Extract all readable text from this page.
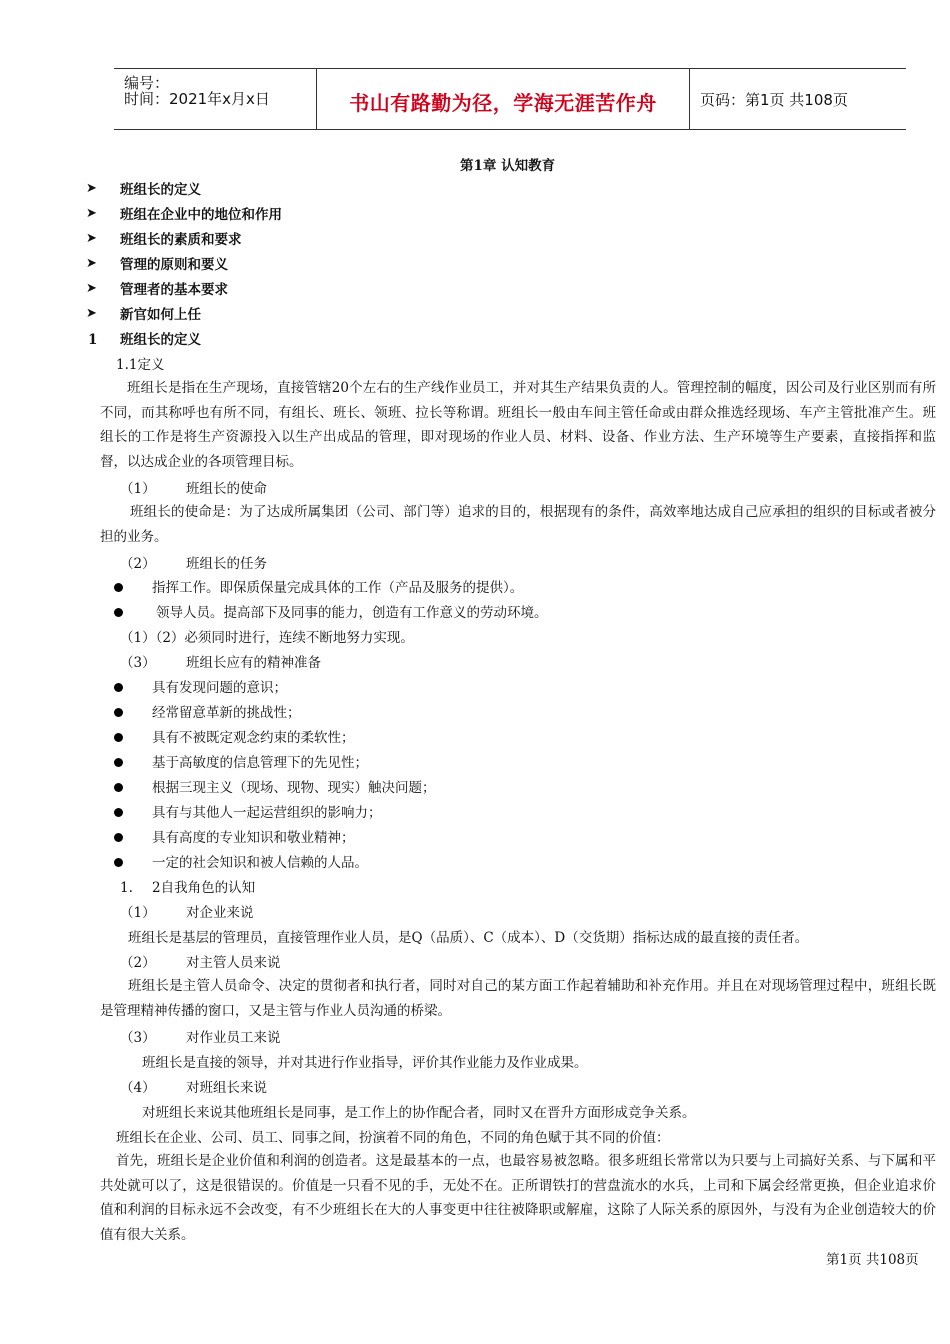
编号：
时间：2021年x月x日	书山有路勤为径，学海无涯苦作舟	页码：第1页 共108页
第1章 认知教育
➤ 班组长的定义
➤ 班组在企业中的地位和作用
➤ 班组长的素质和要求
➤ 管理的原则和要义
➤ 管理者的基本要求
➤ 新官如何上任
1 班组长的定义
1.1定义
班组长是指在生产现场，直接管辖20个左右的生产线作业员工，并对其生产结果负责的人。管理控制的幅度，因公司及行业区别而有所不同，而其称呼也有所不同，有组长、班长、领班、拉长等称谓。班组长一般由车间主管任命或由群众推选经现场、车产主管批准产生。班组长的工作是将生产资源投入以生产出成品的管理，即对现场的作业人员、材料、设备、作业方法、生产环境等生产要素，直接指挥和监督，以达成企业的各项管理目标。
（1） 班组长的使命
班组长的使命是：为了达成所属集团（公司、部门等）追求的目的，根据现有的条件，高效率地达成自己应承担的组织的目标或者被分担的业务。
（2） 班组长的任务
指挥工作。即保质保量完成具体的工作（产品及服务的提供）。
领导人员。提高部下及同事的能力，创造有工作意义的劳动环境。
（1）（2）必须同时进行，连续不断地努力实现。
（3） 班组长应有的精神准备
具有发现问题的意识；
经常留意革新的挑战性；
具有不被既定观念约束的柔软性；
基于高敏度的信息管理下的先见性；
根据三现主义（现场、现物、现实）触决问题；
具有与其他人一起运营组织的影响力；
具有高度的专业知识和敬业精神；
一定的社会知识和被人信赖的人品。
1. 2自我角色的认知
（1） 对企业来说
班组长是基层的管理员，直接管理作业人员，是Q（品质）、C（成本）、D（交货期）指标达成的最直接的责任者。
（2） 对主管人员来说
班组长是主管人员命令、决定的贯彻者和执行者，同时对自己的某方面工作起着辅助和补充作用。并且在对现场管理过程中，班组长既是管理精神传播的窗口，又是主管与作业人员沟通的桥梁。
（3） 对作业员工来说
班组长是直接的领导，并对其进行作业指导，评价其作业能力及作业成果。
（4） 对班组长来说
对班组长来说其他班组长是同事，是工作上的协作配合者，同时又在晋升方面形成竞争关系。
班组长在企业、公司、员工、同事之间，扮演着不同的角色，不同的角色赋于其不同的价值：
首先，班组长是企业价值和利润的创造者。这是最基本的一点，也最容易被忽略。很多班组长常常以为只要与上司搞好关系、与下属和平共处就可以了，这是很错误的。价值是一只看不见的手，无处不在。正所谓铁打的营盘流水的水兵，上司和下属会经常更换，但企业追求价值和利润的目标永远不会改变，有不少班组长在大的人事变更中往往被降职或解雇，这除了人际关系的原因外，与没有为企业创造较大的价值有很大关系。
第1页 共108页
